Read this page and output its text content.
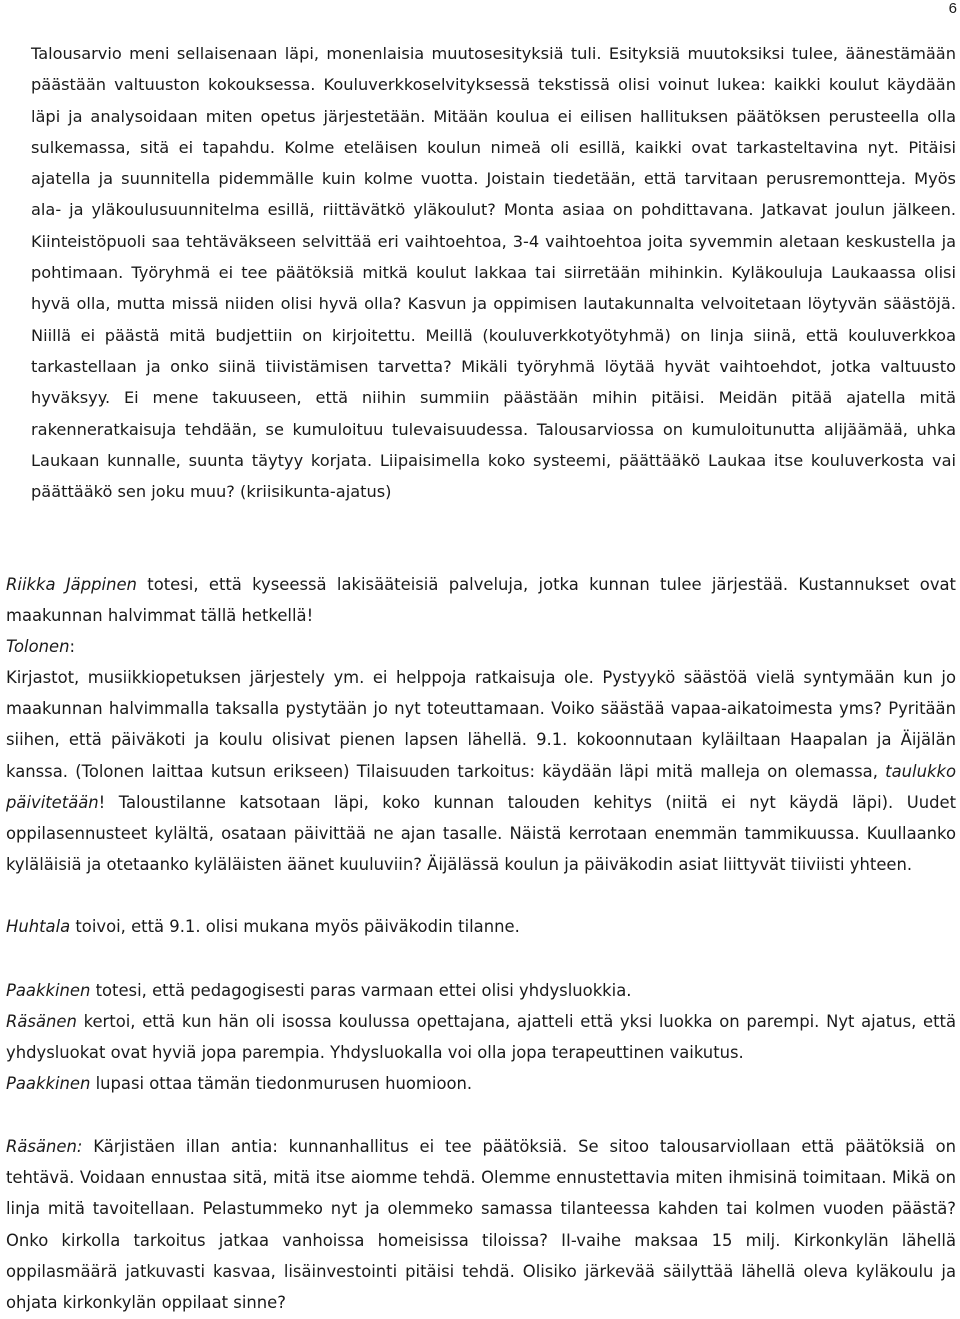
6

Talousarvio meni sellaisenaan läpi, monenlaisia muutosesityksiä tuli. Esityksiä muutoksiksi tulee, äänestämään päästään valtuuston kokouksessa. Kouluverkkoselvityksessä tekstissä olisi voinut lukea: kaikki koulut käydään läpi ja analysoidaan miten opetus järjestetään. Mitään koulua ei eilisen hallituksen päätöksen perusteella olla sulkemassa, sitä ei tapahdu. Kolme eteläisen koulun nimeä oli esillä, kaikki ovat tarkasteltavina nyt. Pitäisi ajatella ja suunnitella pidemmälle kuin kolme vuotta. Joistain tiedetään, että tarvitaan perusremontteja. Myös ala- ja yläkoulusuunnitelma esillä, riittävätkö yläkoulut? Monta asiaa on pohdittavana. Jatkavat joulun jälkeen. Kiinteistöpuoli saa tehtäväkseen selvittää eri vaihtoehtoa, 3-4 vaihtoehtoa joita syvemmin aletaan keskustella ja pohtimaan. Työryhmä ei tee päätöksiä mitkä koulut lakkaa tai siirretään mihinkin. Kyläkouluja Laukaassa olisi hyvä olla, mutta missä niiden olisi hyvä olla? Kasvun ja oppimisen lautakunnalta velvoitetaan löytyvän säästöjä. Niillä ei päästä mitä budjettiin on kirjoitettu. Meillä (kouluverkkotyötyhmä) on linja siinä, että kouluverkkoa tarkastellaan ja onko siinä tiivistämisen tarvetta? Mikäli työryhmä löytää hyvät vaihtoehdot, jotka valtuusto hyväksyy. Ei mene takuuseen, että niihin summiin päästään mihin pitäisi. Meidän pitää ajatella mitä rakenneratkaisuja tehdään, se kumuloituu tulevaisuudessa. Talousarviossa on kumuloitunutta alijäämää, uhka Laukaan kunnalle, suunta täytyy korjata. Liipaisimella koko systeemi, päättääkö Laukaa itse kouluverkosta vai päättääkö sen joku muu? (kriisikunta-ajatus)

Riikka Jäppinen totesi, että kyseessä lakisääteisiä palveluja, jotka kunnan tulee järjestää. Kustannukset ovat maakunnan halvimmat tällä hetkellä!

Tolonen:

Kirjastot, musiikkiopetuksen järjestely ym. ei helppoja ratkaisuja ole. Pystyykö säästöä vielä syntymään kun jo maakunnan halvimmalla taksalla pystytään jo nyt toteuttamaan. Voiko säästää vapaa-aikatoimesta yms? Pyritään siihen, että päiväkoti ja koulu olisivat pienen lapsen lähellä. 9.1. kokoonnutaan kyläiltaan Haapalan ja Äijälän kanssa. (Tolonen laittaa kutsun erikseen) Tilaisuuden tarkoitus: käydään läpi mitä malleja on olemassa, taulukko päivitetään! Taloustilanne katsotaan läpi, koko kunnan talouden kehitys (niitä ei nyt käydä läpi). Uudet oppilasennusteet kylältä, osataan päivittää ne ajan tasalle. Näistä kerrotaan enemmän tammikuussa. Kuullaanko kyläläisiä ja otetaanko kyläläisten äänet kuuluviin? Äijälässä koulun ja päiväkodin asiat liittyvät tiiviisti yhteen.

Huhtala toivoi, että 9.1. olisi mukana myös päiväkodin tilanne.

Paakkinen totesi, että pedagogisesti paras varmaan ettei olisi yhdysluokkia.

Räsänen kertoi, että kun hän oli isossa koulussa opettajana, ajatteli että yksi luokka on parempi. Nyt ajatus, että yhdysluokat ovat hyviä jopa parempia. Yhdysluokalla voi olla jopa terapeuttinen vaikutus.

Paakkinen lupasi ottaa tämän tiedonmurusen huomioon.

Räsänen: Kärjistäen illan antia: kunnanhallitus ei tee päätöksiä. Se sitoo talousarviollaan että päätöksiä on tehtävä. Voidaan ennustaa sitä, mitä itse aiomme tehdä. Olemme ennustettavia miten ihmisinä toimitaan. Mikä on linja mitä tavoitellaan. Pelastummeko nyt ja olemmeko samassa tilanteessa kahden tai kolmen vuoden päästä? Onko kirkolla tarkoitus jatkaa vanhoissa homeisissa tiloissa? II-vaihe maksaa 15 milj. Kirkonkylän lähellä oppilasmäärä jatkuvasti kasvaa, lisäinvestointi pitäisi tehdä. Olisiko järkevää säilyttää lähellä oleva kyläkoulu ja ohjata kirkonkylän oppilaat sinne?
